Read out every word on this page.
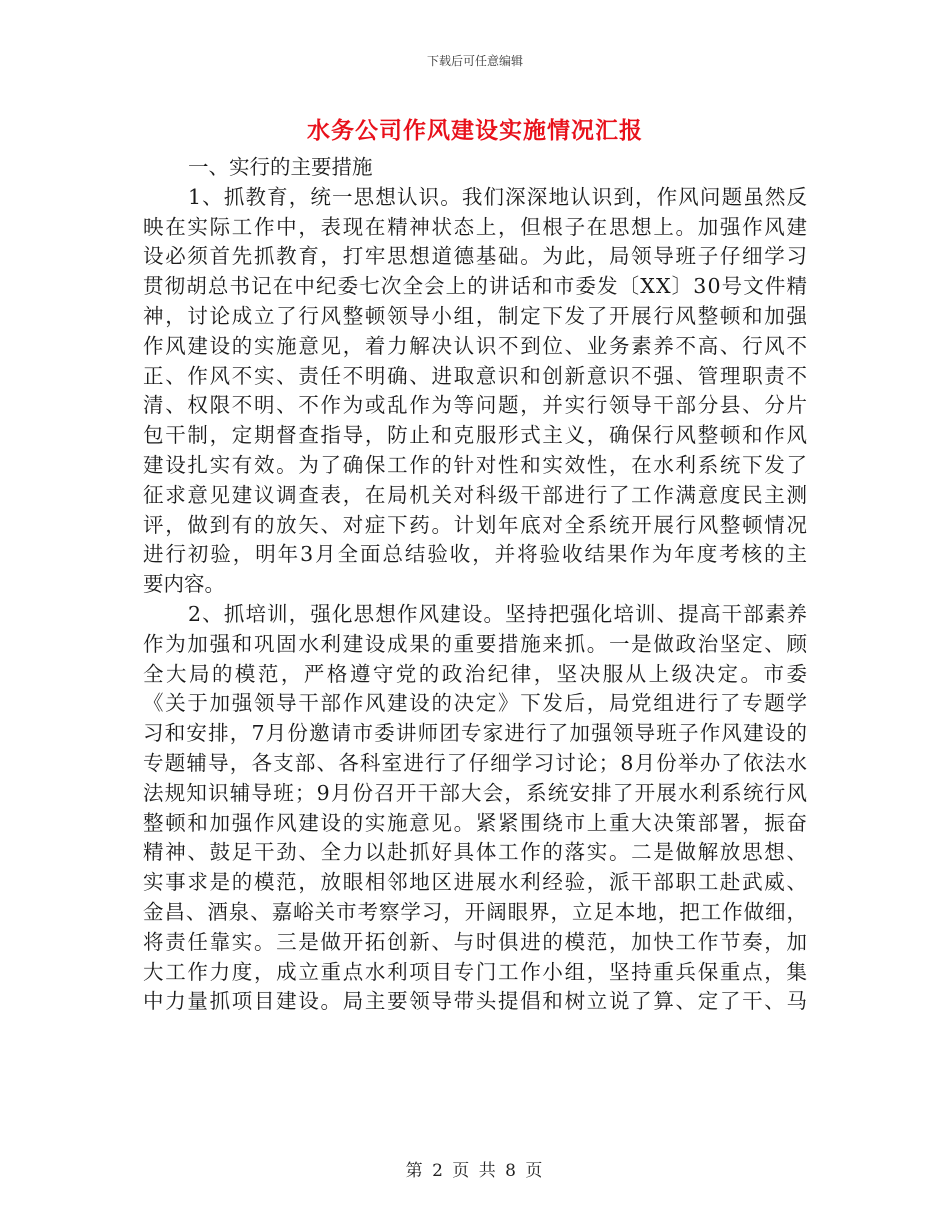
下载后可任意编辑
水务公司作风建设实施情况汇报
一、实行的主要措施
1、抓教育，统一思想认识。我们深深地认识到，作风问题虽然反
映在实际工作中，表现在精神状态上，但根子在思想上。加强作风建
设必须首先抓教育，打牢思想道德基础。为此，局领导班子仔细学习
贯彻胡总书记在中纪委七次全会上的讲话和市委发〔XX〕30号文件精
神，讨论成立了行风整顿领导小组，制定下发了开展行风整顿和加强
作风建设的实施意见，着力解决认识不到位、业务素养不高、行风不
正、作风不实、责任不明确、进取意识和创新意识不强、管理职责不
清、权限不明、不作为或乱作为等问题，并实行领导干部分县、分片
包干制，定期督查指导，防止和克服形式主义，确保行风整顿和作风
建设扎实有效。为了确保工作的针对性和实效性，在水利系统下发了
征求意见建议调查表，在局机关对科级干部进行了工作满意度民主测
评，做到有的放矢、对症下药。计划年底对全系统开展行风整顿情况
进行初验，明年3月全面总结验收，并将验收结果作为年度考核的主
要内容。
2、抓培训，强化思想作风建设。坚持把强化培训、提高干部素养
作为加强和巩固水利建设成果的重要措施来抓。一是做政治坚定、顾
全大局的模范，严格遵守党的政治纪律，坚决服从上级决定。市委
《关于加强领导干部作风建设的决定》下发后，局党组进行了专题学
习和安排，7月份邀请市委讲师团专家进行了加强领导班子作风建设的
专题辅导，各支部、各科室进行了仔细学习讨论；8月份举办了依法水
法规知识辅导班；9月份召开干部大会，系统安排了开展水利系统行风
整顿和加强作风建设的实施意见。紧紧围绕市上重大决策部署，振奋
精神、鼓足干劲、全力以赴抓好具体工作的落实。二是做解放思想、
实事求是的模范，放眼相邻地区进展水利经验，派干部职工赴武威、
金昌、酒泉、嘉峪关市考察学习，开阔眼界，立足本地，把工作做细，
将责任靠实。三是做开拓创新、与时俱进的模范，加快工作节奏，加
大工作力度，成立重点水利项目专门工作小组，坚持重兵保重点，集
中力量抓项目建设。局主要领导带头提倡和树立说了算、定了干、马
第 2 页 共 8 页
